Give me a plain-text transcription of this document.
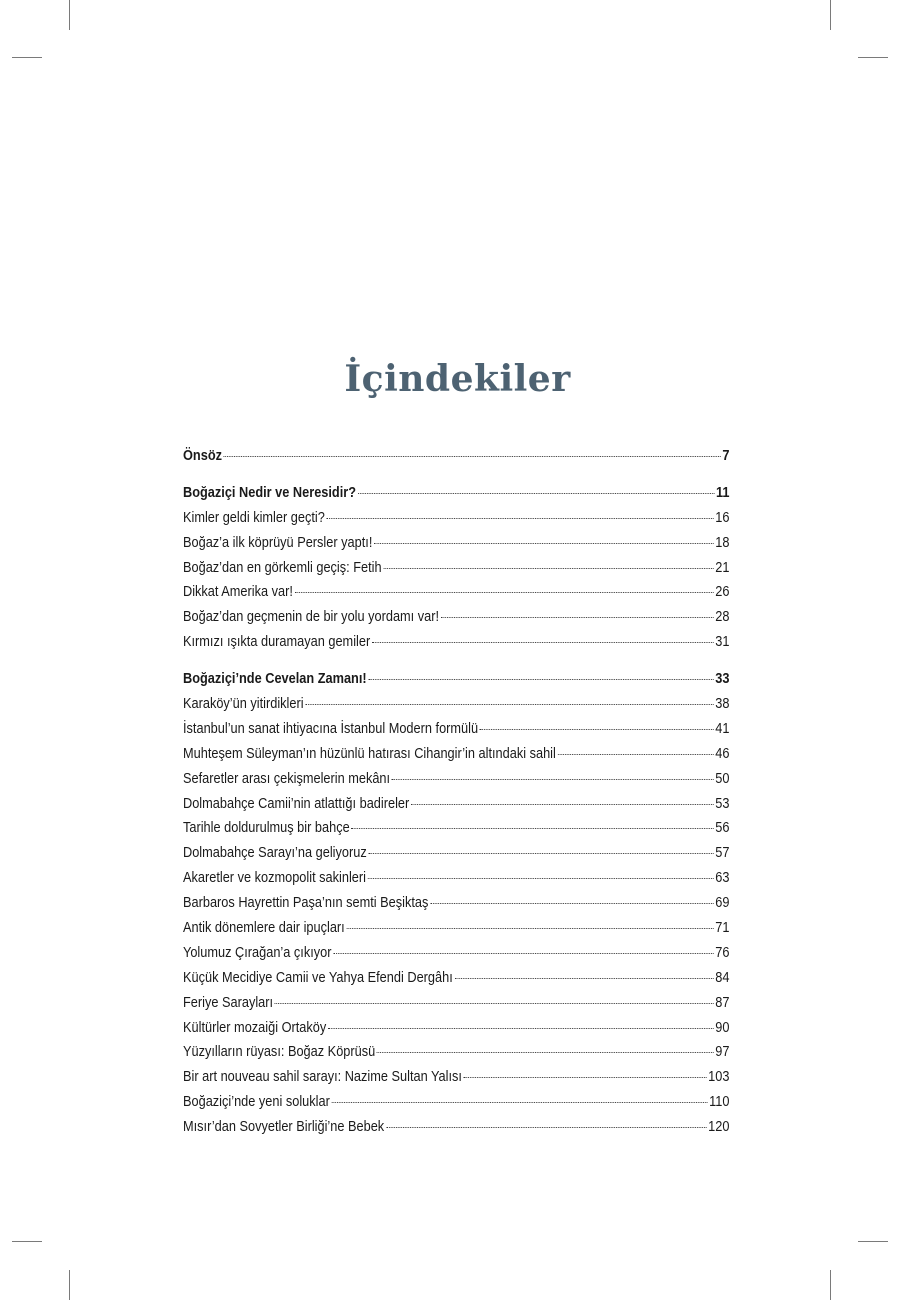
İçindekiler
Önsöz	7
Boğaziçi Nedir ve Neresidir?	11
Kimler geldi kimler geçti?	16
Boğaz’a ilk köprüyü Persler yaptı!	18
Boğaz’dan en görkemli geçiş: Fetih	21
Dikkat Amerika var!	26
Boğaz’dan geçmenin de bir yolu yordamı var!	28
Kırmızı ışıkta duramayan gemiler	31
Boğaziçi’nde Cevelan Zamanı!	33
Karaköy’ün yitirdikleri	38
İstanbul’un sanat ihtiyacına İstanbul Modern formülü	41
Muhteşem Süleyman’ın hüzünlü hatırası Cihangir’in altındaki sahil	46
Sefaretler arası çekişmelerin mekânı	50
Dolmabahçe Camii’nin atlattığı badireler	53
Tarihle doldurulmuş bir bahçe	56
Dolmabahçe Sarayı’na geliyoruz	57
Akaretler ve kozmopolit sakinleri	63
Barbaros Hayrettin Paşa’nın semti Beşiktaş	69
Antik dönemlere dair ipuçları	71
Yolumuz Çırağan’a çıkıyor	76
Küçük Mecidiye Camii ve Yahya Efendi Dergâhı	84
Feriye Sarayları	87
Kültürler mozaiği Ortaköy	90
Yüzyılların rüyası: Boğaz Köprüsü	97
Bir art nouveau sahil sarayı: Nazime Sultan Yalısı	103
Boğaziçi’nde yeni soluklar	110
Mısır’dan Sovyetler Birliği’ne Bebek	120
